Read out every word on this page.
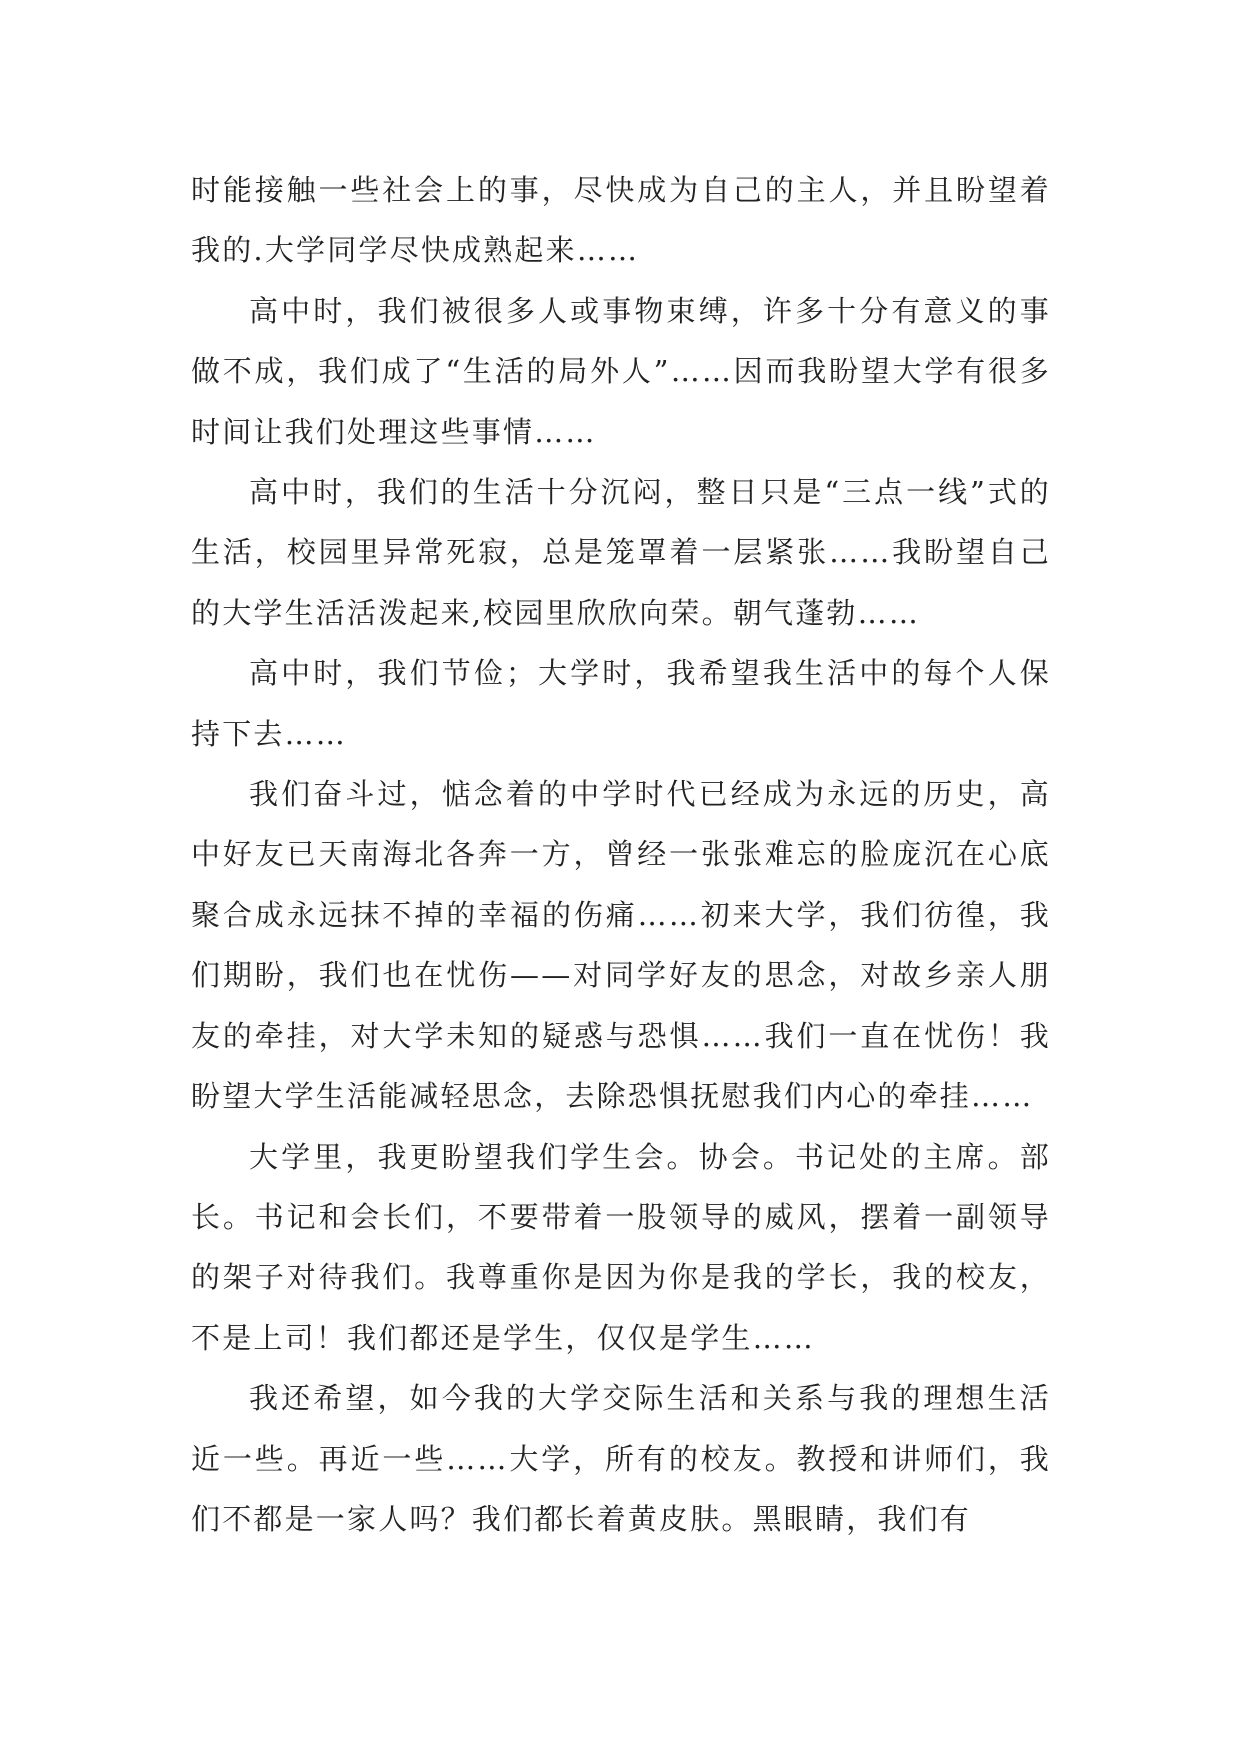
时能接触一些社会上的事，尽快成为自己的主人，并且盼望着我的.大学同学尽快成熟起来……

高中时，我们被很多人或事物束缚，许多十分有意义的事做不成，我们成了“生活的局外人”……因而我盼望大学有很多时间让我们处理这些事情……

高中时，我们的生活十分沉闷，整日只是“三点一线”式的生活，校园里异常死寂，总是笼罩着一层紧张……我盼望自己的大学生活活泼起来,校园里欣欣向荣。朝气蓬勃……

高中时，我们节俭；大学时，我希望我生活中的每个人保持下去……

我们奋斗过，惦念着的中学时代已经成为永远的历史，高中好友已天南海北各奔一方，曾经一张张难忘的脸庞沉在心底聚合成永远抹不掉的幸福的伤痛……初来大学，我们彷徨，我们期盼，我们也在忧伤——对同学好友的思念，对故乡亲人朋友的牵挂，对大学未知的疑惑与恐惧……我们一直在忧伤！我盼望大学生活能减轻思念，去除恐惧抚慰我们内心的牵挂……

大学里，我更盼望我们学生会。协会。书记处的主席。部长。书记和会长们，不要带着一股领导的威风，摆着一副领导的架子对待我们。我尊重你是因为你是我的学长，我的校友，不是上司！我们都还是学生，仅仅是学生……

我还希望，如今我的大学交际生活和关系与我的理想生活近一些。再近一些……大学，所有的校友。教授和讲师们，我们不都是一家人吗？我们都长着黄皮肤。黑眼睛，我们有
